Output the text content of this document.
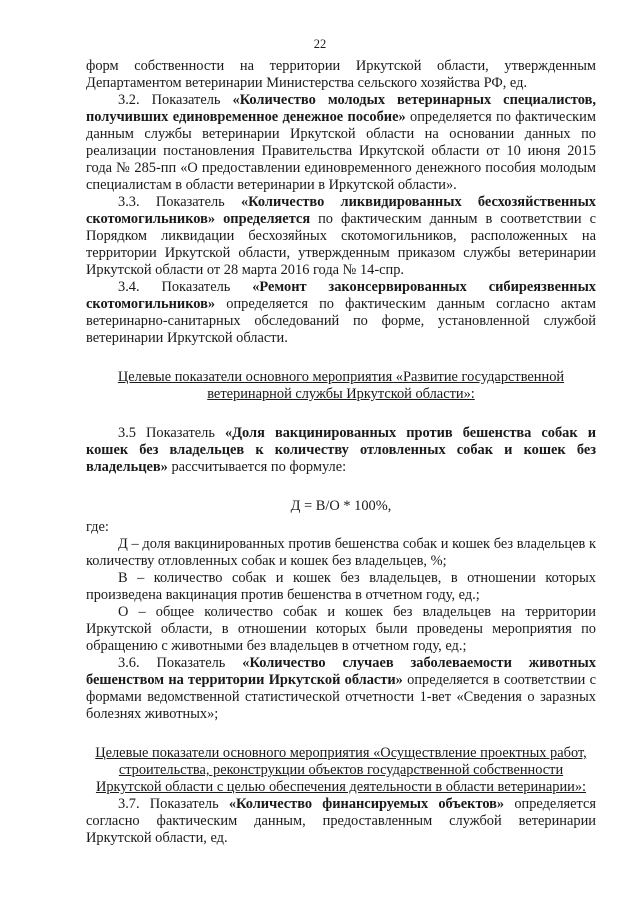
22

форм собственности на территории Иркутской области, утвержденным Департаментом ветеринарии Министерства сельского хозяйства РФ, ед.

3.2. Показатель «Количество молодых ветеринарных специалистов, получивших единовременное денежное пособие» определяется по фактическим данным службы ветеринарии Иркутской области на основании данных по реализации постановления Правительства Иркутской области от 10 июня 2015 года № 285-пп «О предоставлении единовременного денежного пособия молодым специалистам в области ветеринарии в Иркутской области».

3.3. Показатель «Количество ликвидированных бесхозяйственных скотомогильников» определяется по фактическим данным в соответствии с Порядком ликвидации бесхозяйных скотомогильников, расположенных на территории Иркутской области, утвержденным приказом службы ветеринарии Иркутской области от 28 марта 2016 года № 14-спр.

3.4. Показатель «Ремонт законсервированных сибиреязвенных скотомогильников» определяется по фактическим данным согласно актам ветеринарно-санитарных обследований по форме, установленной службой ветеринарии Иркутской области.

Целевые показатели основного мероприятия «Развитие государственной ветеринарной службы Иркутской области»:

3.5 Показатель «Доля вакцинированных против бешенства собак и кошек без владельцев к количеству отловленных собак и кошек без владельцев» рассчитывается по формуле:

Д = В/О * 100%,

где:

Д – доля вакцинированных против бешенства собак и кошек без владельцев к количеству отловленных собак и кошек без владельцев, %;

В – количество собак и кошек без владельцев, в отношении которых произведена вакцинация против бешенства в отчетном году, ед.;

О – общее количество собак и кошек без владельцев на территории Иркутской области, в отношении которых были проведены мероприятия по обращению с животными без владельцев в отчетном году, ед.;

3.6. Показатель «Количество случаев заболеваемости животных бешенством на территории Иркутской области» определяется в соответствии с формами ведомственной статистической отчетности 1-вет «Сведения о заразных болезнях животных»;

Целевые показатели основного мероприятия «Осуществление проектных работ, строительства, реконструкции объектов государственной собственности Иркутской области с целью обеспечения деятельности в области ветеринарии»:

3.7. Показатель «Количество финансируемых объектов» определяется согласно фактическим данным, предоставленным службой ветеринарии Иркутской области, ед.
